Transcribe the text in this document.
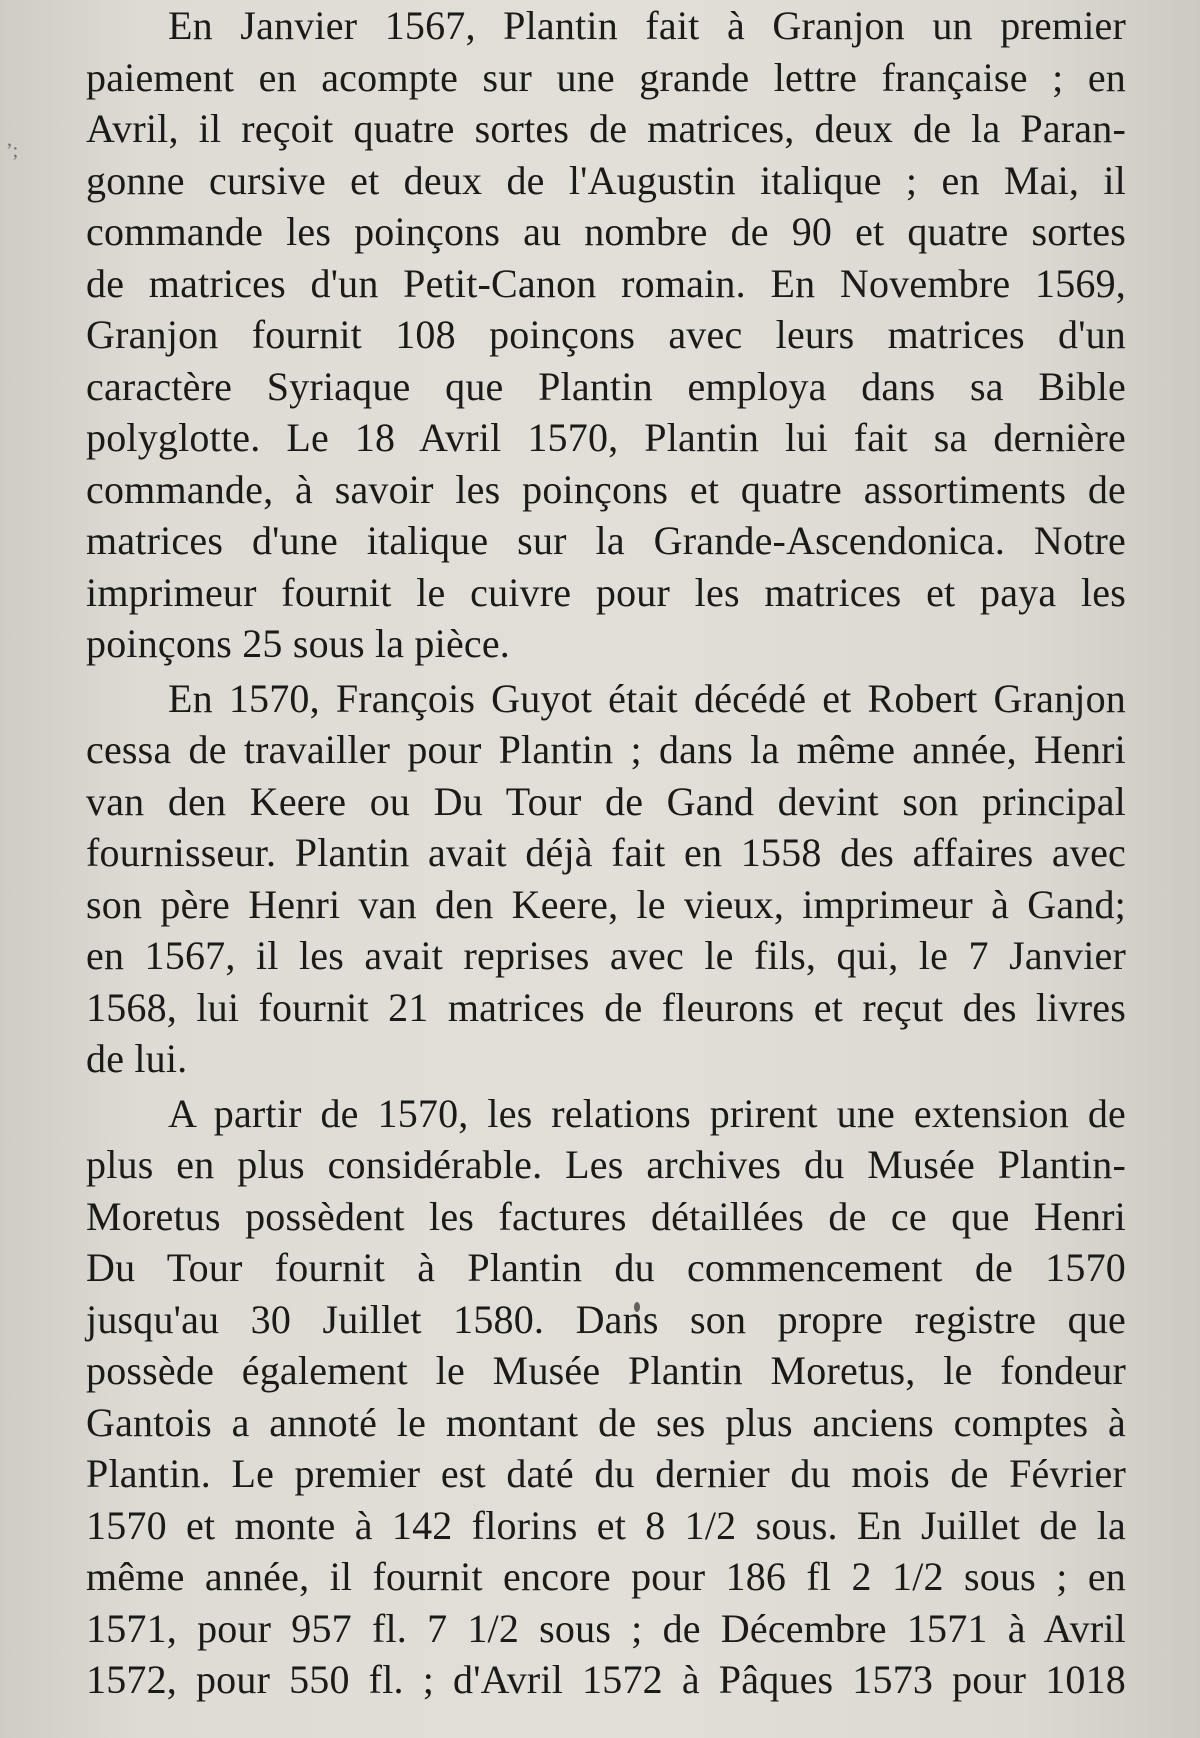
ʼ;
En Janvier 1567, Plantin fait à Granjon un premier
paiement en acompte sur une grande lettre française ; en
Avril, il reçoit quatre sortes de matrices, deux de la Paran-
gonne cursive et deux de l'Augustin italique ; en Mai, il
commande les poinçons au nombre de 90 et quatre sortes
de matrices d'un Petit-Canon romain. En Novembre 1569,
Granjon fournit 108 poinçons avec leurs matrices d'un
caractère Syriaque que Plantin employa dans sa Bible
polyglotte. Le 18 Avril 1570, Plantin lui fait sa dernière
commande, à savoir les poinçons et quatre assortiments de
matrices d'une italique sur la Grande-Ascendonica. Notre
imprimeur fournit le cuivre pour les matrices et paya les
poinçons 25 sous la pièce.
En 1570, François Guyot était décédé et Robert Granjon
cessa de travailler pour Plantin ; dans la même année, Henri
van den Keere ou Du Tour de Gand devint son principal
fournisseur. Plantin avait déjà fait en 1558 des affaires avec
son père Henri van den Keere, le vieux, imprimeur à Gand;
en 1567, il les avait reprises avec le fils, qui, le 7 Janvier
1568, lui fournit 21 matrices de fleurons et reçut des livres
de lui.
A partir de 1570, les relations prirent une extension de
plus en plus considérable. Les archives du Musée Plantin-
Moretus possèdent les factures détaillées de ce que Henri
Du Tour fournit à Plantin du commencement de 1570
jusqu'au 30 Juillet 1580. Dans son propre registre que
possède également le Musée Plantin Moretus, le fondeur
Gantois a annoté le montant de ses plus anciens comptes à
Plantin. Le premier est daté du dernier du mois de Février
1570 et monte à 142 florins et 8 1/2 sous. En Juillet de la
même année, il fournit encore pour 186 fl 2 1/2 sous ; en
1571, pour 957 fl. 7 1/2 sous ; de Décembre 1571 à Avril
1572, pour 550 fl. ; d'Avril 1572 à Pâques 1573 pour 1018
